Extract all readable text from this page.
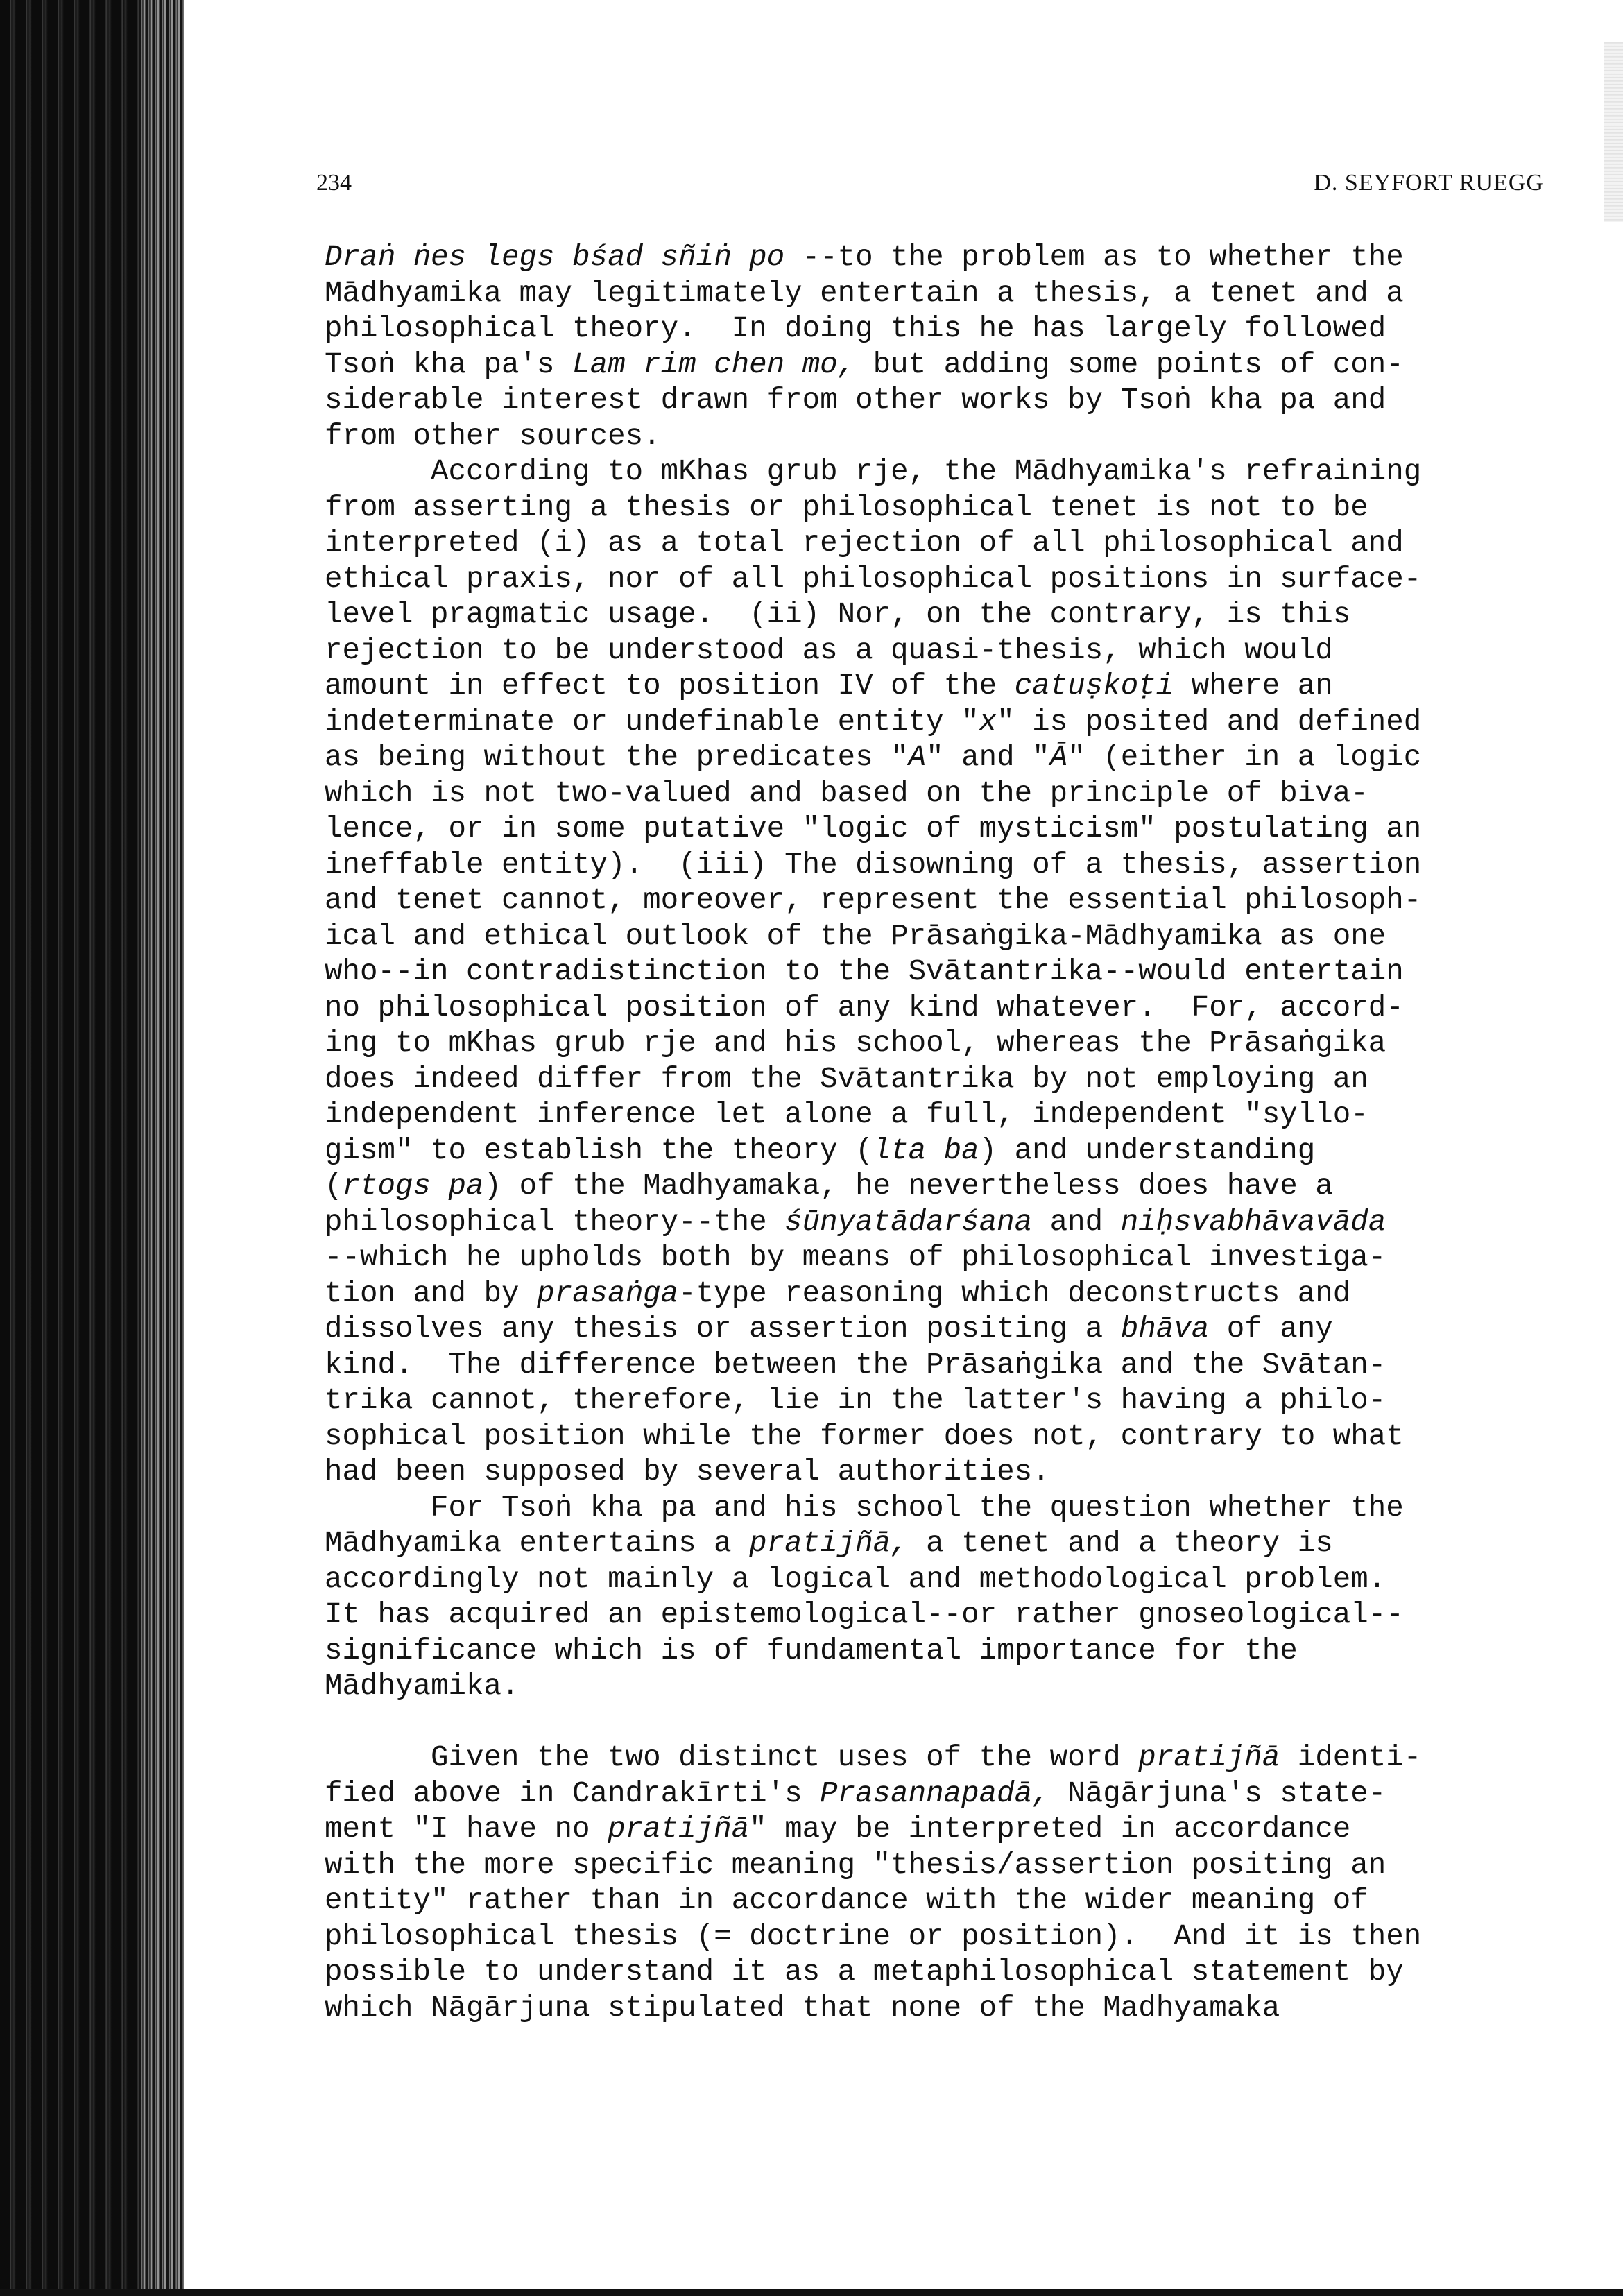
234	D. SEYFORT RUEGG
Draṅ ṅes legs bśad sñiṅ po --to the problem as to whether the
Mādhyamika may legitimately entertain a thesis, a tenet and a
philosophical theory.  In doing this he has largely followed
Tsoṅ kha pa's Lam rim chen mo, but adding some points of con-
siderable interest drawn from other works by Tsoṅ kha pa and
from other sources.
According to mKhas grub rje, the Mādhyamika's refraining
from asserting a thesis or philosophical tenet is not to be
interpreted (i) as a total rejection of all philosophical and
ethical praxis, nor of all philosophical positions in surface-
level pragmatic usage.  (ii) Nor, on the contrary, is this
rejection to be understood as a quasi-thesis, which would
amount in effect to position IV of the catuṣkoṭi where an
indeterminate or undefinable entity "x" is posited and defined
as being without the predicates "A" and "Ā" (either in a logic
which is not two-valued and based on the principle of biva-
lence, or in some putative "logic of mysticism" postulating an
ineffable entity).  (iii) The disowning of a thesis, assertion
and tenet cannot, moreover, represent the essential philosoph-
ical and ethical outlook of the Prāsaṅgika-Mādhyamika as one
who--in contradistinction to the Svātantrika--would entertain
no philosophical position of any kind whatever.  For, accord-
ing to mKhas grub rje and his school, whereas the Prāsaṅgika
does indeed differ from the Svātantrika by not employing an
independent inference let alone a full, independent "syllo-
gism" to establish the theory (lta ba) and understanding
(rtogs pa) of the Madhyamaka, he nevertheless does have a
philosophical theory--the śūnyatādarśana and niḥsvabhāvavāda
--which he upholds both by means of philosophical investiga-
tion and by prasaṅga-type reasoning which deconstructs and
dissolves any thesis or assertion positing a bhāva of any
kind.  The difference between the Prāsaṅgika and the Svātan-
trika cannot, therefore, lie in the latter's having a philo-
sophical position while the former does not, contrary to what
had been supposed by several authorities.
For Tsoṅ kha pa and his school the question whether the
Mādhyamika entertains a pratijñā, a tenet and a theory is
accordingly not mainly a logical and methodological problem.
It has acquired an epistemological--or rather gnoseological--
significance which is of fundamental importance for the
Mādhyamika.
Given the two distinct uses of the word pratijñā identi-
fied above in Candrakīrti's Prasannapadā, Nāgārjuna's state-
ment "I have no pratijñā" may be interpreted in accordance
with the more specific meaning "thesis/assertion positing an
entity" rather than in accordance with the wider meaning of
philosophical thesis (= doctrine or position).  And it is then
possible to understand it as a metaphilosophical statement by
which Nāgārjuna stipulated that none of the Madhyamaka
